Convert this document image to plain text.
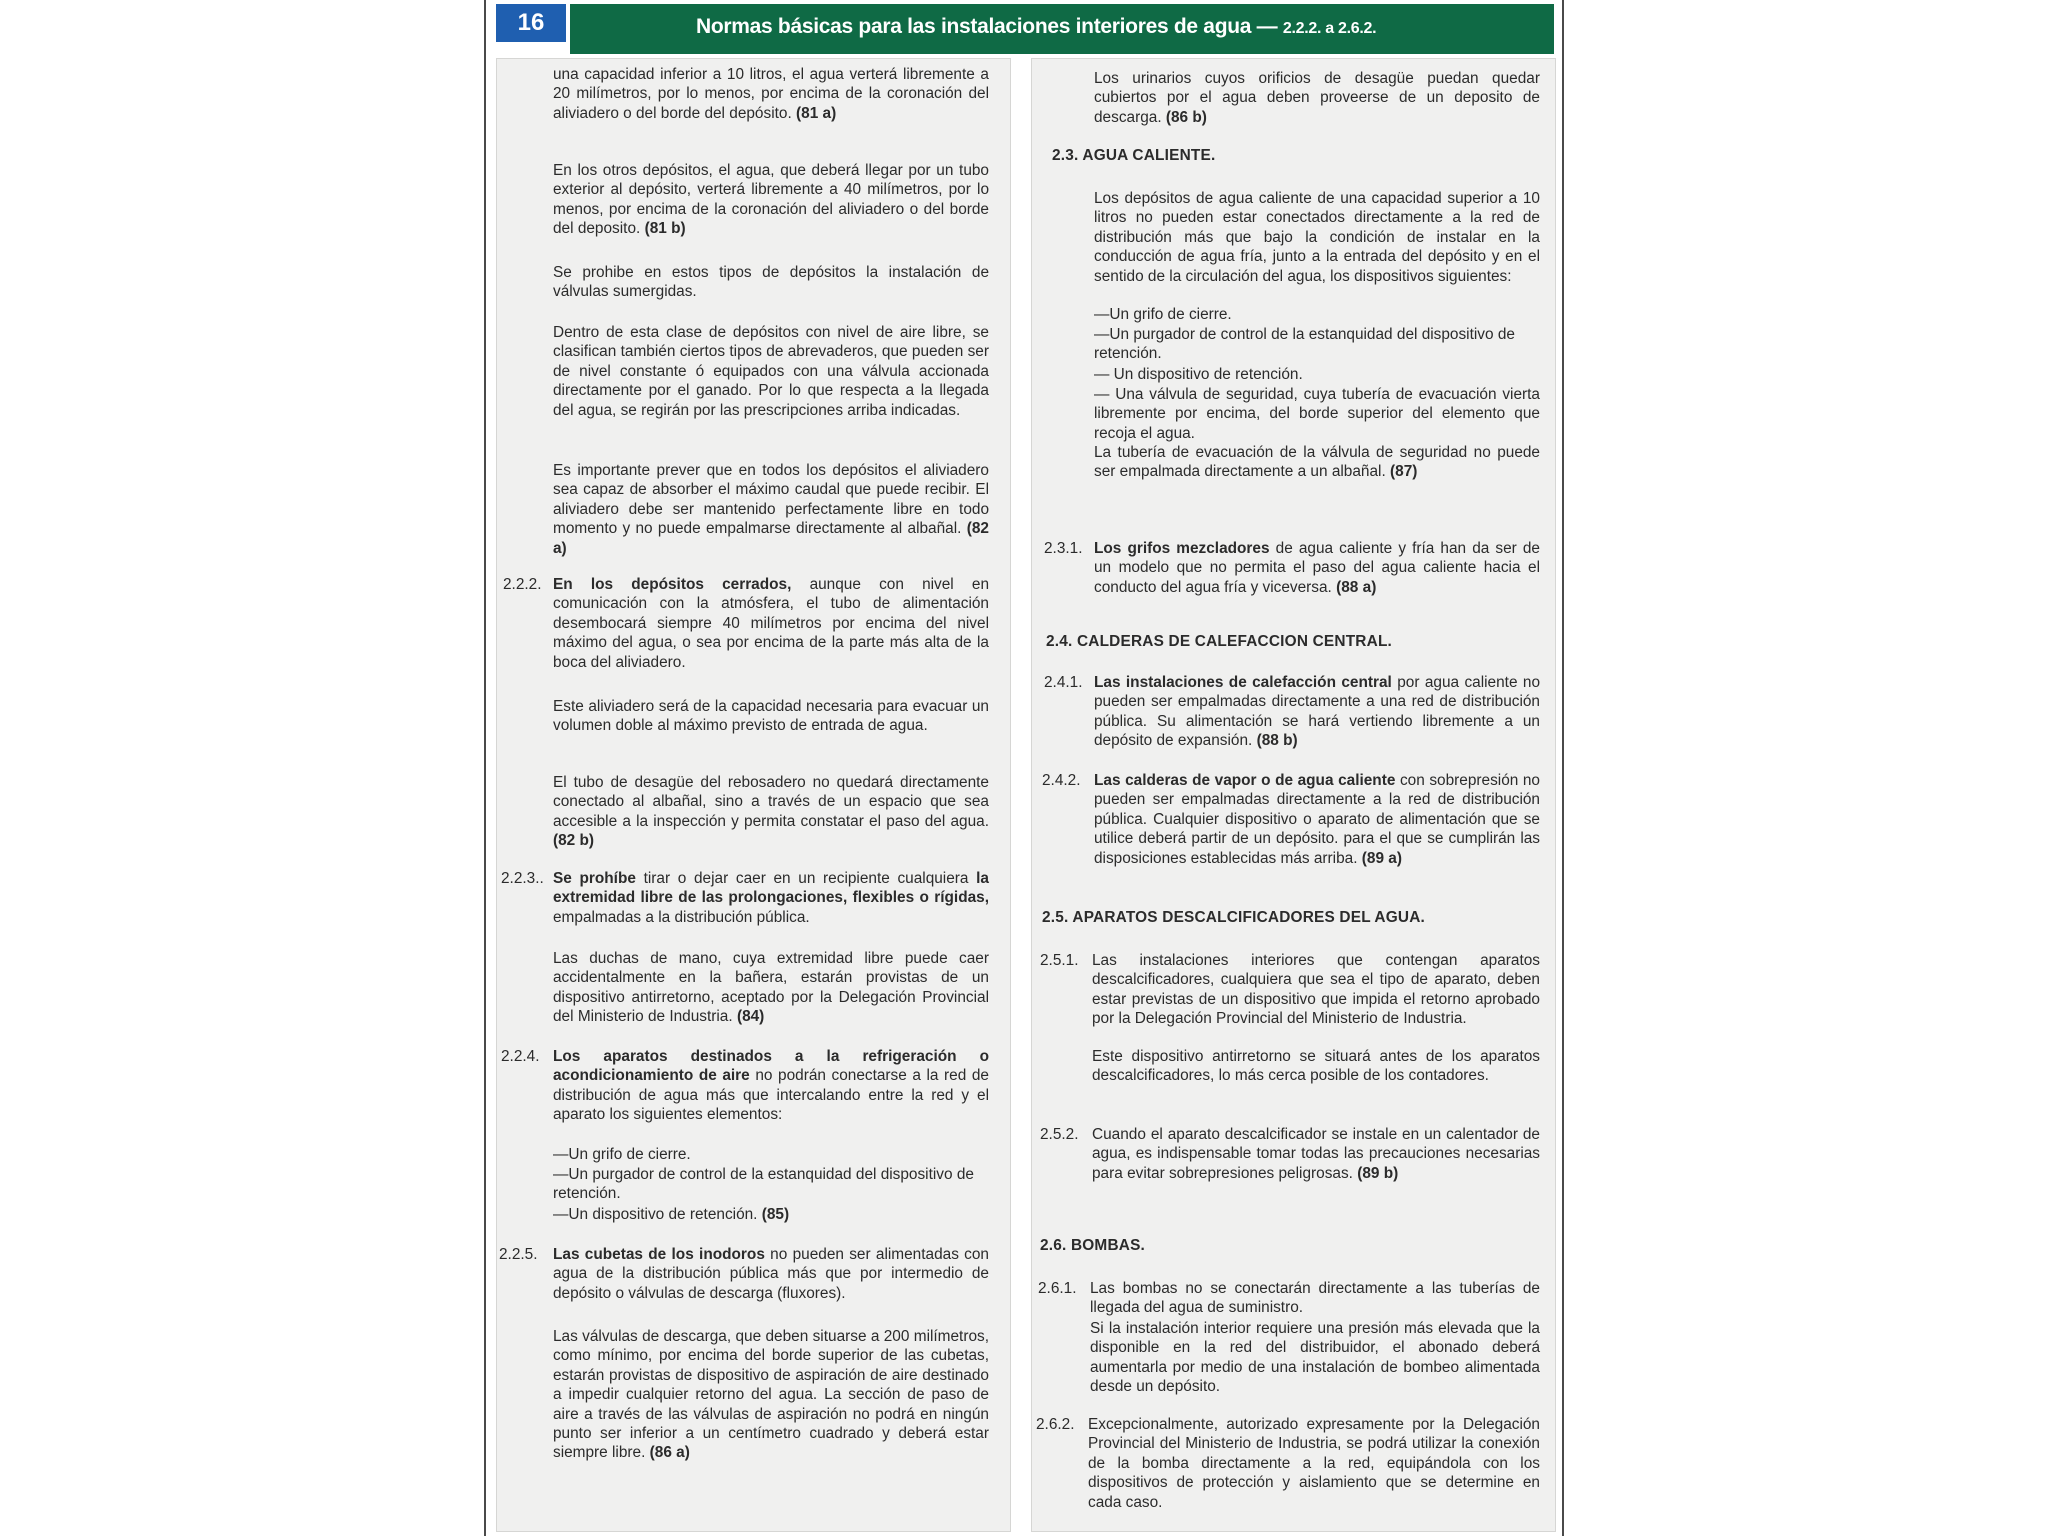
16	Normas básicas para las instalaciones interiores de agua — 2.2.2. a 2.6.2.
una capacidad inferior a 10 litros, el agua verterá libremente a 20 milímetros, por lo menos, por encima de la coronación del aliviadero o del borde del depósito. (81 a)
En los otros depósitos, el agua, que deberá llegar por un tubo exterior al depósito, verterá libremente a 40 milímetros, por lo menos, por encima de la coronación del aliviadero o del borde del deposito. (81 b)
Se prohibe en estos tipos de depósitos la instalación de válvulas sumergidas.
Dentro de esta clase de depósitos con nivel de aire libre, se clasifican también ciertos tipos de abrevaderos, que pueden ser de nivel constante ó equipados con una válvula accionada directamente por el ganado. Por lo que respecta a la llegada del agua, se regirán por las prescripciones arriba indicadas.
Es importante prever que en todos los depósitos el aliviadero sea capaz de absorber el máximo caudal que puede recibir. El aliviadero debe ser mantenido perfectamente libre en todo momento y no puede empalmarse directamente al albañal. (82 a)
2.2.2. En los depósitos cerrados, aunque con nivel en comunicación con la atmósfera, el tubo de alimentación desembocará siempre 40 milímetros por encima del nivel máximo del agua, o sea por encima de la parte más alta de la boca del aliviadero.
Este aliviadero será de la capacidad necesaria para evacuar un volumen doble al máximo previsto de entrada de agua.
El tubo de desagüe del rebosadero no quedará directamente conectado al albañal, sino a través de un espacio que sea accesible a la inspección y permita constatar el paso del agua. (82 b)
2.2.3.. Se prohíbe tirar o dejar caer en un recipiente cualquiera la extremidad libre de las prolongaciones, flexibles o rígidas, empalmadas a la distribución pública.
Las duchas de mano, cuya extremidad libre puede caer accidentalmente en la bañera, estarán provistas de un dispositivo antirretorno, aceptado por la Delegación Provincial del Ministerio de Industria. (84)
2.2.4. Los aparatos destinados a la refrigeración o acondicionamiento de aire no podrán conectarse a la red de distribución de agua más que intercalando entre la red y el aparato los siguientes elementos:
—Un grifo de cierre.
—Un purgador de control de la estanquidad del dispositivo de retención.
—Un dispositivo de retención. (85)
2.2.5. Las cubetas de los inodoros no pueden ser alimentadas con agua de la distribución pública más que por intermedio de depósito o válvulas de descarga (fluxores).
Las válvulas de descarga, que deben situarse a 200 milímetros, como mínimo, por encima del borde superior de las cubetas, estarán provistas de dispositivo de aspiración de aire destinado a impedir cualquier retorno del agua. La sección de paso de aire a través de las válvulas de aspiración no podrá en ningún punto ser inferior a un centímetro cuadrado y deberá estar siempre libre. (86 a)
Los urinarios cuyos orificios de desagüe puedan quedar cubiertos por el agua deben proveerse de un deposito de descarga. (86 b)
2.3. AGUA CALIENTE.
Los depósitos de agua caliente de una capacidad superior a 10 litros no pueden estar conectados directamente a la red de distribución más que bajo la condición de instalar en la conducción de agua fría, junto a la entrada del depósito y en el sentido de la circulación del agua, los dispositivos siguientes:
—Un grifo de cierre.
—Un purgador de control de la estanquidad del dispositivo de retención.
— Un dispositivo de retención.
— Una válvula de seguridad, cuya tubería de evacuación vierta libremente por encima, del borde superior del elemento que recoja el agua.
La tubería de evacuación de la válvula de seguridad no puede ser empalmada directamente a un albañal. (87)
2.3.1. Los grifos mezcladores de agua caliente y fría han da ser de un modelo que no permita el paso del agua caliente hacia el conducto del agua fría y viceversa. (88 a)
2.4. CALDERAS DE CALEFACCION CENTRAL.
2.4.1. Las instalaciones de calefacción central por agua caliente no pueden ser empalmadas directamente a una red de distribución pública. Su alimentación se hará vertiendo libremente a un depósito de expansión. (88 b)
2.4.2. Las calderas de vapor o de agua caliente con sobrepresión no pueden ser empalmadas directamente a la red de distribución pública. Cualquier dispositivo o aparato de alimentación que se utilice deberá partir de un depósito. para el que se cumplirán las disposiciones establecidas más arriba. (89 a)
2.5. APARATOS DESCALCIFICADORES DEL AGUA.
2.5.1. Las instalaciones interiores que contengan aparatos descalcificadores, cualquiera que sea el tipo de aparato, deben estar previstas de un dispositivo que impida el retorno aprobado por la Delegación Provincial del Ministerio de Industria.
Este dispositivo antirretorno se situará antes de los aparatos descalcificadores, lo más cerca posible de los contadores.
2.5.2. Cuando el aparato descalcificador se instale en un calentador de agua, es indispensable tomar todas las precauciones necesarias para evitar sobrepresiones peligrosas. (89 b)
2.6. BOMBAS.
2.6.1. Las bombas no se conectarán directamente a las tuberías de llegada del agua de suministro.
Si la instalación interior requiere una presión más elevada que la disponible en la red del distribuidor, el abonado deberá aumentarla por medio de una instalación de bombeo alimentada desde un depósito.
2.6.2. Excepcionalmente, autorizado expresamente por la Delegación Provincial del Ministerio de Industria, se podrá utilizar la conexión de la bomba directamente a la red, equipándola con los dispositivos de protección y aislamiento que se determine en cada caso.
